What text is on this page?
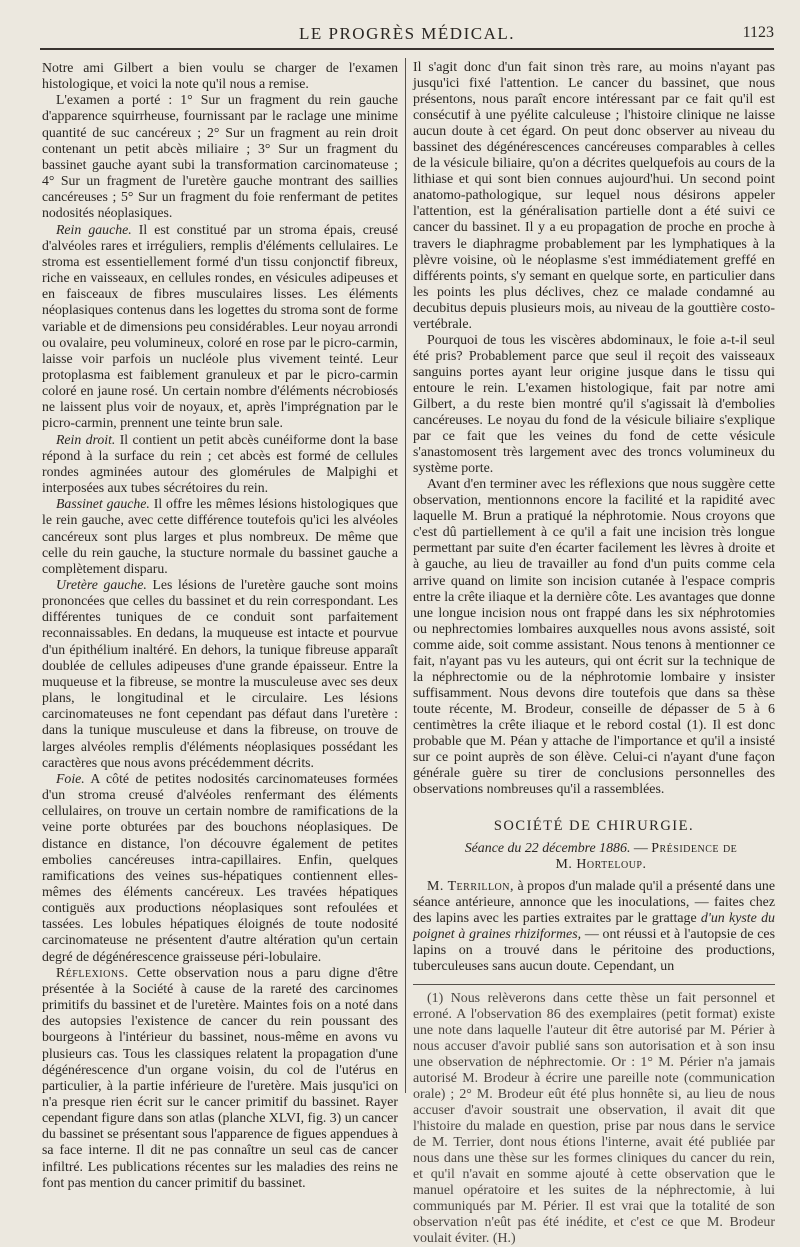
LE PROGRÈS MÉDICAL.	1123

Notre ami Gilbert a bien voulu se charger de l'examen histologique, et voici la note qu'il nous a remise.

L'examen a porté : 1° Sur un fragment du rein gauche d'apparence squirrheuse, fournissant par le raclage une minime quantité de suc cancéreux ; 2° Sur un fragment au rein droit contenant un petit abcès miliaire ; 3° Sur un fragment du bassinet gauche ayant subi la transformation carcinomateuse ; 4° Sur un fragment de l'uretère gauche montrant des saillies cancéreuses ; 5° Sur un fragment du foie renfermant de petites nodosités néoplasiques.

Rein gauche. Il est constitué par un stroma épais, creusé d'alvéoles rares et irréguliers, remplis d'éléments cellulaires. Le stroma est essentiellement formé d'un tissu conjonctif fibreux, riche en vaisseaux, en cellules rondes, en vésicules adipeuses et en faisceaux de fibres musculaires lisses. Les éléments néoplasiques contenus dans les logettes du stroma sont de forme variable et de dimensions peu considérables. Leur noyau arrondi ou ovalaire, peu volumineux, coloré en rose par le picro-carmin, laisse voir parfois un nucléole plus vivement teinté. Leur protoplasma est faiblement granuleux et par le picro-carmin coloré en jaune rosé. Un certain nombre d'éléments nécrobiosés ne laissent plus voir de noyaux, et, après l'imprégnation par le picro-carmin, prennent une teinte brun sale.

Rein droit. Il contient un petit abcès cunéiforme dont la base répond à la surface du rein ; cet abcès est formé de cellules rondes agminées autour des glomérules de Malpighi et interposées aux tubes sécrétoires du rein.

Bassinet gauche. Il offre les mêmes lésions histologiques que le rein gauche, avec cette différence toutefois qu'ici les alvéoles cancéreux sont plus larges et plus nombreux. De même que celle du rein gauche, la stucture normale du bassinet gauche a complètement disparu.

Uretère gauche. Les lésions de l'uretère gauche sont moins prononcées que celles du bassinet et du rein correspondant. Les différentes tuniques de ce conduit sont parfaitement reconnaissables. En dedans, la muqueuse est intacte et pourvue d'un épithélium inaltéré. En dehors, la tunique fibreuse apparaît doublée de cellules adipeuses d'une grande épaisseur. Entre la muqueuse et la fibreuse, se montre la musculeuse avec ses deux plans, le longitudinal et le circulaire. Les lésions carcinomateuses ne font cependant pas défaut dans l'uretère : dans la tunique musculeuse et dans la fibreuse, on trouve de larges alvéoles remplis d'éléments néoplasiques possédant les caractères que nous avons précédemment décrits.

Foie. A côté de petites nodosités carcinomateuses formées d'un stroma creusé d'alvéoles renfermant des éléments cellulaires, on trouve un certain nombre de ramifications de la veine porte obturées par des bouchons néoplasiques. De distance en distance, l'on découvre également de petites embolies cancéreuses intra-capillaires. Enfin, quelques ramifications des veines sus-hépatiques contiennent elles-mêmes des éléments cancéreux. Les travées hépatiques contiguës aux productions néoplasiques sont refoulées et tassées. Les lobules hépatiques éloignés de toute nodosité carcinomateuse ne présentent d'autre altération qu'un certain degré de dégénérescence graisseuse péri-lobulaire.

Réflexions. Cette observation nous a paru digne d'être présentée à la Société à cause de la rareté des carcinomes primitifs du bassinet et de l'uretère. Maintes fois on a noté dans des autopsies l'existence de cancer du rein poussant des bourgeons à l'intérieur du bassinet, nous-même en avons vu plusieurs cas. Tous les classiques relatent la propagation d'une dégénérescence d'un organe voisin, du col de l'utérus en particulier, à la partie inférieure de l'uretère. Mais jusqu'ici on n'a presque rien écrit sur le cancer primitif du bassinet. Rayer cependant figure dans son atlas (planche XLVI, fig. 3) un cancer du bassinet se présentant sous l'apparence de figues appendues à sa face interne. Il dit ne pas connaître un seul cas de cancer infiltré. Les publications récentes sur les maladies des reins ne font pas mention du cancer primitif du bassinet.

Il s'agit donc d'un fait sinon très rare, au moins n'ayant pas jusqu'ici fixé l'attention. Le cancer du bassinet, que nous présentons, nous paraît encore intéressant par ce fait qu'il est consécutif à une pyélite calculeuse ; l'histoire clinique ne laisse aucun doute à cet égard. On peut donc observer au niveau du bassinet des dégénérescences cancéreuses comparables à celles de la vésicule biliaire, qu'on a décrites quelquefois au cours de la lithiase et qui sont bien connues aujourd'hui. Un second point anatomo-pathologique, sur lequel nous désirons appeler l'attention, est la généralisation partielle dont a été suivi ce cancer du bassinet. Il y a eu propagation de proche en proche à travers le diaphragme probablement par les lymphatiques à la plèvre voisine, où le néoplasme s'est immédiatement greffé en différents points, s'y semant en quelque sorte, en particulier dans les points les plus déclives, chez ce malade condamné au decubitus depuis plusieurs mois, au niveau de la gouttière costo-vertébrale.

Pourquoi de tous les viscères abdominaux, le foie a-t-il seul été pris? Probablement parce que seul il reçoit des vaisseaux sanguins portes ayant leur origine jusque dans le tissu qui entoure le rein. L'examen histologique, fait par notre ami Gilbert, a du reste bien montré qu'il s'agissait là d'embolies cancéreuses. Le noyau du fond de la vésicule biliaire s'explique par ce fait que les veines du fond de cette vésicule s'anastomosent très largement avec des troncs volumineux du système porte.

Avant d'en terminer avec les réflexions que nous suggère cette observation, mentionnons encore la facilité et la rapidité avec laquelle M. Brun a pratiqué la néphrotomie. Nous croyons que c'est dû partiellement à ce qu'il a fait une incision très longue permettant par suite d'en écarter facilement les lèvres à droite et à gauche, au lieu de travailler au fond d'un puits comme cela arrive quand on limite son incision cutanée à l'espace compris entre la crête iliaque et la dernière côte. Les avantages que donne une longue incision nous ont frappé dans les six néphrotomies ou nephrectomies lombaires auxquelles nous avons assisté, soit comme aide, soit comme assistant. Nous tenons à mentionner ce fait, n'ayant pas vu les auteurs, qui ont écrit sur la technique de la néphrectomie ou de la néphrotomie lombaire y insister suffisamment. Nous devons dire toutefois que dans sa thèse toute récente, M. Brodeur, conseille de dépasser de 5 à 6 centimètres la crête iliaque et le rebord costal (1). Il est donc probable que M. Péan y attache de l'importance et qu'il a insisté sur ce point auprès de son élève. Celui-ci n'ayant d'une façon générale guère su tirer de conclusions personnelles des observations nombreuses qu'il a rassemblées.

SOCIÉTÉ DE CHIRURGIE.

Séance du 22 décembre 1886. — Présidence de

M. Horteloup.

M. Terrillon, à propos d'un malade qu'il a présenté dans une séance antérieure, annonce que les inoculations, — faites chez des lapins avec les parties extraites par le grattage d'un kyste du poignet à graines rhiziformes, — ont réussi et à l'autopsie de ces lapins on a trouvé dans le péritoine des productions, tuberculeuses sans aucun doute. Cependant, un

(1) Nous relèverons dans cette thèse un fait personnel et erroné. A l'observation 86 des exemplaires (petit format) existe une note dans laquelle l'auteur dit être autorisé par M. Périer à nous accuser d'avoir publié sans son autorisation et à son insu une observation de néphrectomie. Or : 1° M. Périer n'a jamais autorisé M. Brodeur à écrire une pareille note (communication orale) ; 2° M. Brodeur eût été plus honnête si, au lieu de nous accuser d'avoir soustrait une observation, il avait dit que l'histoire du malade en question, prise par nous dans le service de M. Terrier, dont nous étions l'interne, avait été publiée par nous dans une thèse sur les formes cliniques du cancer du rein, et qu'il n'avait en somme ajouté à cette observation que le manuel opératoire et les suites de la néphrectomie, à lui communiqués par M. Périer. Il est vrai que la totalité de son observation n'eût pas été inédite, et c'est ce que M. Brodeur voulait éviter. (H.)
